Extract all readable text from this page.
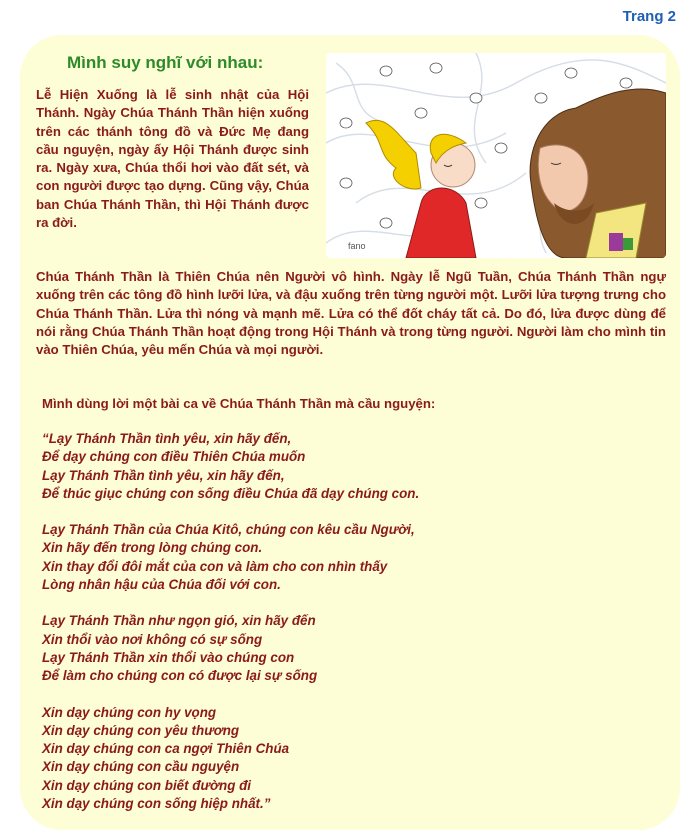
Trang 2
Mình suy nghĩ với nhau:

Lễ Hiện Xuống là lễ sinh nhật của Hội Thánh. Ngày Chúa Thánh Thần hiện xuống trên các thánh tông đồ và Đức Mẹ đang cầu nguyện, ngày ấy Hội Thánh được sinh ra. Ngày xưa, Chúa thổi hơi vào đất sét, và con người được tạo dựng. Cũng vậy, Chúa ban Chúa Thánh Thần, thì Hội Thánh được ra đời.

fano

Chúa Thánh Thần là Thiên Chúa nên Người vô hình. Ngày lễ Ngũ Tuần, Chúa Thánh Thần ngự xuống trên các tông đồ hình lưỡi lửa, và đậu xuống trên từng người một. Lưỡi lửa tượng trưng cho Chúa Thánh Thần. Lửa thì nóng và mạnh mẽ. Lửa có thể đốt cháy tất cả. Do đó, lửa được dùng để nói rằng Chúa Thánh Thần hoạt động trong Hội Thánh và trong từng người. Người làm cho mình tin vào Thiên Chúa, yêu mến Chúa và mọi người.

Mình dùng lời một bài ca về Chúa Thánh Thần mà cầu nguyện:

“Lạy Thánh Thần tình yêu, xin hãy đến,
Để dạy chúng con điều Thiên Chúa muốn
Lạy Thánh Thần tình yêu, xin hãy đến,
Để thúc giục chúng con sống điều Chúa đã dạy chúng con.
Lạy Thánh Thần của Chúa Kitô, chúng con kêu cầu Người,
Xin hãy đến trong lòng chúng con.
Xin thay đổi đôi mắt của con và làm cho con nhìn thấy
Lòng nhân hậu của Chúa đối với con.
Lạy Thánh Thần như ngọn gió, xin hãy đến
Xin thổi vào nơi không có sự sống
Lạy Thánh Thần xin thổi vào chúng con
Để làm cho chúng con có được lại sự sống
Xin dạy chúng con hy vọng
Xin dạy chúng con yêu thương
Xin dạy chúng con ca ngợi Thiên Chúa
Xin dạy chúng con cầu nguyện
Xin dạy chúng con biết đường đi
Xin dạy chúng con sống hiệp nhất.”
